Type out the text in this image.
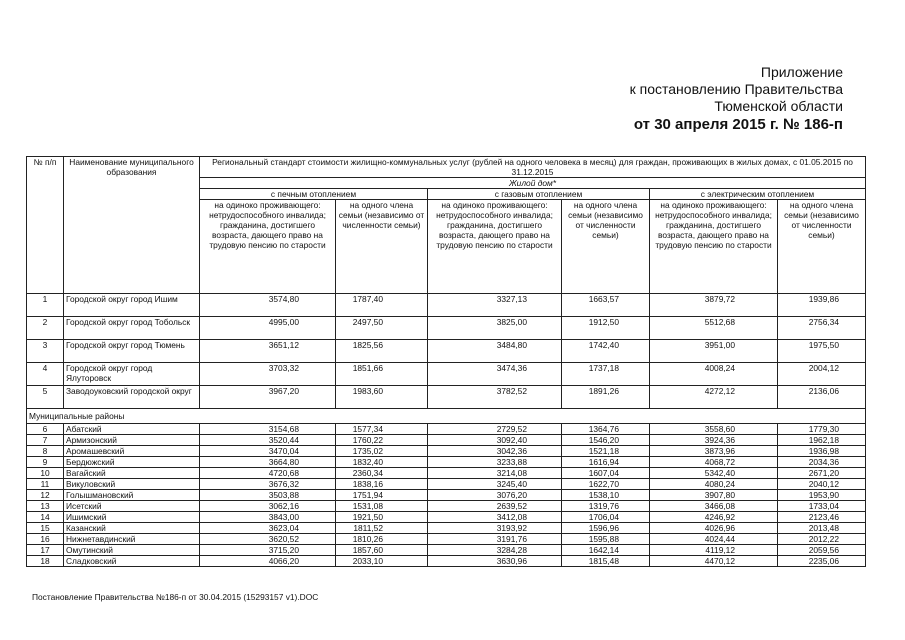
Приложение
к постановлению Правительства
Тюменской области
от 30 апреля 2015 г. № 186-п
№ п/п	Наименование муниципального образования	Региональный стандарт стоимости жилищно-коммунальных услуг (рублей на одного человека в месяц) для граждан, проживающих в жилых домах, с 01.05.2015 по 31.12.2015					
		Жилой дом*					
		с печным отоплением		с газовым отоплением		с электрическим отоплением	
		на одиноко проживающего: нетрудоспособного инвалида; гражданина, достигшего возраста, дающего право на трудовую пенсию по старости	на одного члена семьи (независимо от численности семьи)	на одиноко проживающего: нетрудоспособного инвалида; гражданина, достигшего возраста, дающего право на трудовую пенсию по старости	на одного члена семьи (независимо от численности семьи)	на одиноко проживающего: нетрудоспособного инвалида; гражданина, достигшего возраста, дающего право на трудовую пенсию по старости	на одного члена семьи (независимо от численности семьи)
1	Городской округ город Ишим	3574,80	1787,40	3327,13	1663,57	3879,72	1939,86
2	Городской округ город Тобольск	4995,00	2497,50	3825,00	1912,50	5512,68	2756,34
3	Городской округ город Тюмень	3651,12	1825,56	3484,80	1742,40	3951,00	1975,50
4	Городской округ город Ялуторовск	3703,32	1851,66	3474,36	1737,18	4008,24	2004,12
5	Заводоуковский городской округ	3967,20	1983,60	3782,52	1891,26	4272,12	2136,06
Муниципальные районы							
6	Абатский	3154,68	1577,34	2729,52	1364,76	3558,60	1779,30
7	Армизонский	3520,44	1760,22	3092,40	1546,20	3924,36	1962,18
8	Аромашевский	3470,04	1735,02	3042,36	1521,18	3873,96	1936,98
9	Бердюжский	3664,80	1832,40	3233,88	1616,94	4068,72	2034,36
10	Вагайский	4720,68	2360,34	3214,08	1607,04	5342,40	2671,20
11	Викуловский	3676,32	1838,16	3245,40	1622,70	4080,24	2040,12
12	Голышмановский	3503,88	1751,94	3076,20	1538,10	3907,80	1953,90
13	Исетский	3062,16	1531,08	2639,52	1319,76	3466,08	1733,04
14	Ишимский	3843,00	1921,50	3412,08	1706,04	4246,92	2123,46
15	Казанский	3623,04	1811,52	3193,92	1596,96	4026,96	2013,48
16	Нижнетавдинский	3620,52	1810,26	3191,76	1595,88	4024,44	2012,22
17	Омутинский	3715,20	1857,60	3284,28	1642,14	4119,12	2059,56
18	Сладковский	4066,20	2033,10	3630,96	1815,48	4470,12	2235,06
Постановление Правительства №186-п от 30.04.2015 (15293157 v1).DOC
